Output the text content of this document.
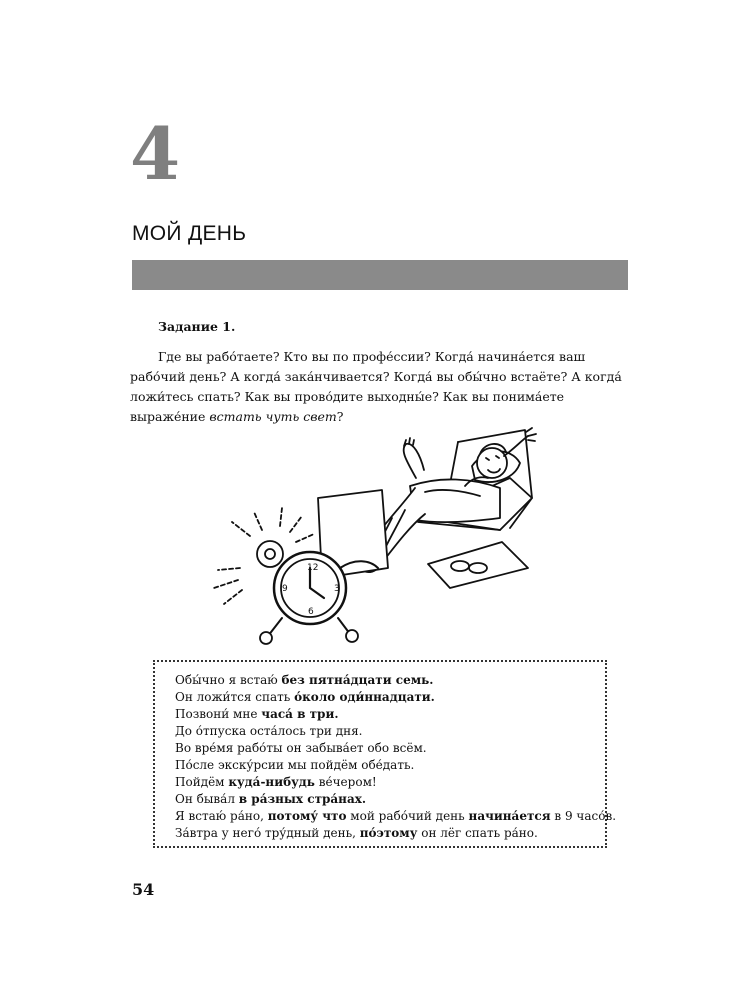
4
МОЙ ДЕНЬ
Задание 1.

Где вы рабо́таете? Кто вы по профе́ссии? Когда́ начина́ется ваш рабо́чий день? А когда́ зака́нчивается? Когда́ вы обы́чно встаёте? А когда́ ложи́тесь спать? Как вы прово́дите выходны́е? Как вы понима́ете выраже́ние встать чуть свет?

12
3
6
9
Обы́чно я встаю́ без пятна́дцати семь.
Он ложи́тся спать о́коло оди́ннадцати.
Позвони́ мне часа́ в три.
До о́тпуска оста́лось три дня.
Во вре́мя рабо́ты он забыва́ет обо всём.
По́сле экску́рсии мы пойдём обе́дать.
Пойдём куда́-нибудь ве́чером!
Он быва́л в ра́зных стра́нах.
Я встаю́ ра́но, потому́ что мой рабо́чий день начина́ется в 9 часо́в.
За́втра у него́ тру́дный день, по́этому он лёг спать ра́но.
54
